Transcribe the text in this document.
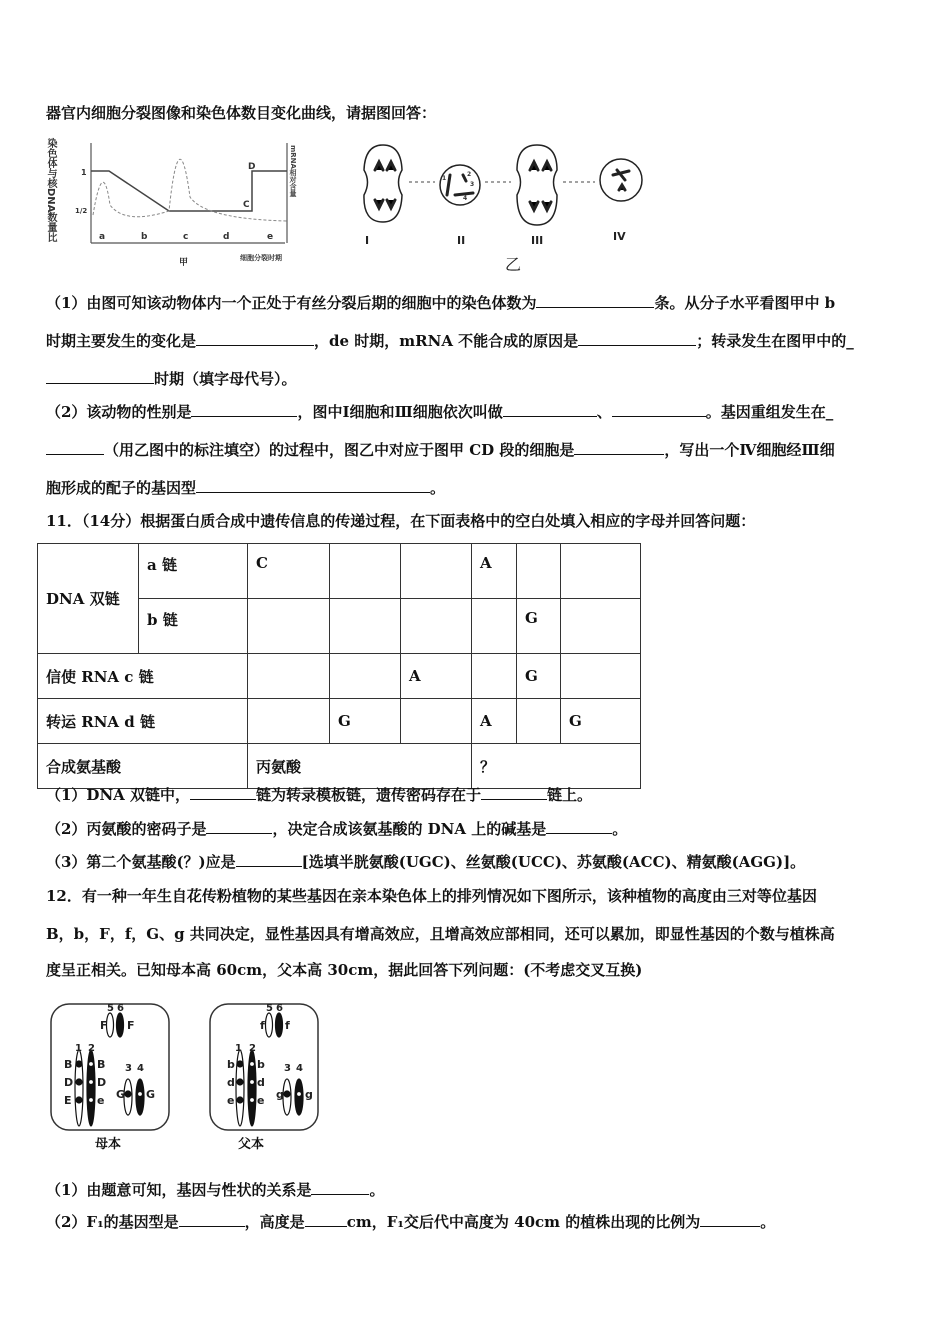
器官内细胞分裂图像和染色体数目变化曲线，请据图回答：
染色体与核DNA数量比	mRNA相对含量
1
1/2
D
C
a	b	c	d	e
甲	细胞分裂时期
I	II	III	IV
乙
1
2
3
4
（1）由图可知该动物体内一个正处于有丝分裂后期的细胞中的染色体数为	条。从分子水平看图甲中 b
时期主要发生的变化是	，de 时期，mRNA 不能合成的原因是	；转录发生在图甲中的_
时期（填字母代号）。
（2）该动物的性别是	，图中Ⅰ细胞和Ⅲ细胞依次叫做	、	。基因重组发生在_
（用乙图中的标注填空）的过程中，图乙中对应于图甲 CD 段的细胞是	，写出一个Ⅳ细胞经Ⅲ细
胞形成的配子的基因型	。
11．（14分）根据蛋白质合成中遗传信息的传递过程，在下面表格中的空白处填入相应的字母并回答问题：
DNA 双链	a 链	C			A		
	b 链					G	
信使 RNA c 链				A		G	
转运 RNA d 链			G		A		G
合成氨基酸		丙氨酸			？		
（1）DNA 双链中，	链为转录模板链，遗传密码存在于	链上。
（2）丙氨酸的密码子是	，决定合成该氨基酸的 DNA 上的碱基是	。
（3）第二个氨基酸(？)应是	[选填半胱氨酸(UGC)、丝氨酸(UCC)、苏氨酸(ACC)、精氨酸(AGG)]。
12．有一种一年生自花传粉植物的某些基因在亲本染色体上的排列情况如下图所示，该种植物的高度由三对等位基因
B，b，F，f，G、g 共同决定，显性基因具有增高效应，且增高效应部相同，还可以累加，即显性基因的个数与植株高
度呈正相关。已知母本高 60cm，父本高 30cm，据此回答下列问题：(不考虑交叉互换)
F F
B B
D D
E e G G
f f
b b
d d
e e g g
1 2
3 4
5 6
1 2
3 4
5 6
母本	父本
（1）由题意可知，基因与性状的关系是	。
（2）F₁的基因型是	，高度是	cm，F₁交后代中高度为 40cm 的植株出现的比例为	。
